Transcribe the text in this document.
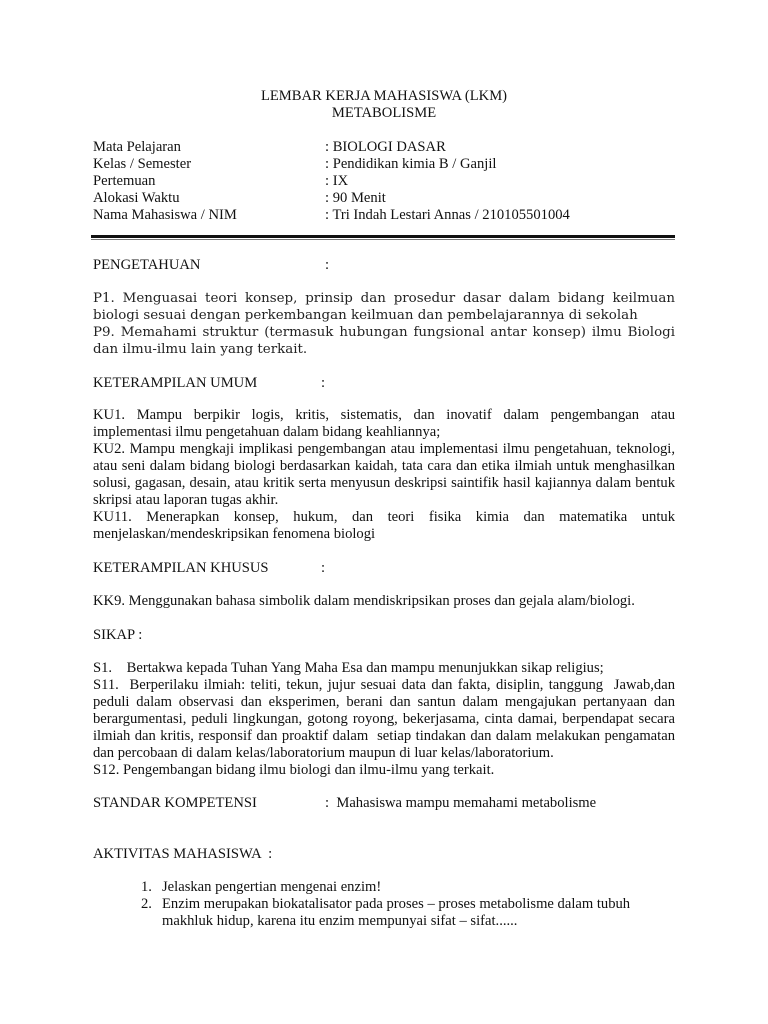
LEMBAR KERJA MAHASISWA (LKM)
METABOLISME
Mata Pelajaran	: BIOLOGI DASAR
Kelas / Semester	: Pendidikan kimia B / Ganjil
Pertemuan	: IX
Alokasi Waktu	: 90 Menit
Nama Mahasiswa / NIM	: Tri Indah Lestari Annas / 210105501004
PENGETAHUAN	:
P1. Menguasai teori konsep, prinsip dan prosedur dasar dalam bidang keilmuan biologi sesuai dengan perkembangan keilmuan dan pembelajarannya di sekolah
P9. Memahami struktur (termasuk hubungan fungsional antar konsep) ilmu Biologi dan ilmu-ilmu lain yang terkait.
KETERAMPILAN UMUM	:
KU1. Mampu berpikir logis, kritis, sistematis, dan inovatif dalam pengembangan atau implementasi ilmu pengetahuan dalam bidang keahliannya;
KU2. Mampu mengkaji implikasi pengembangan atau implementasi ilmu pengetahuan, teknologi, atau seni dalam bidang biologi berdasarkan kaidah, tata cara dan etika ilmiah untuk menghasilkan solusi, gagasan, desain, atau kritik serta menyusun deskripsi saintifik hasil kajiannya dalam bentuk skripsi atau laporan tugas akhir.
KU11. Menerapkan konsep, hukum, dan teori fisika kimia dan matematika untuk menjelaskan/mendeskripsikan fenomena biologi
KETERAMPILAN KHUSUS	:
KK9. Menggunakan bahasa simbolik dalam mendiskripsikan proses dan gejala alam/biologi.
SIKAP :
S1.    Bertakwa kepada Tuhan Yang Maha Esa dan mampu menunjukkan sikap religius;
S11.  Berperilaku ilmiah: teliti, tekun, jujur sesuai data dan fakta, disiplin, tanggung  Jawab,dan peduli dalam observasi dan eksperimen, berani dan santun dalam mengajukan pertanyaan dan berargumentasi, peduli lingkungan, gotong royong, bekerjasama, cinta damai, berpendapat secara ilmiah dan kritis, responsif dan proaktif dalam  setiap tindakan dan dalam melakukan pengamatan dan percobaan di dalam kelas/laboratorium maupun di luar kelas/laboratorium.
S12. Pengembangan bidang ilmu biologi dan ilmu-ilmu yang terkait.
STANDAR KOMPETENSI	:  Mahasiswa mampu memahami metabolisme
AKTIVITAS MAHASISWA  :
1. Jelaskan pengertian mengenai enzim!
2. Enzim merupakan biokatalisator pada proses – proses metabolisme dalam tubuh makhluk hidup, karena itu enzim mempunyai sifat – sifat......
